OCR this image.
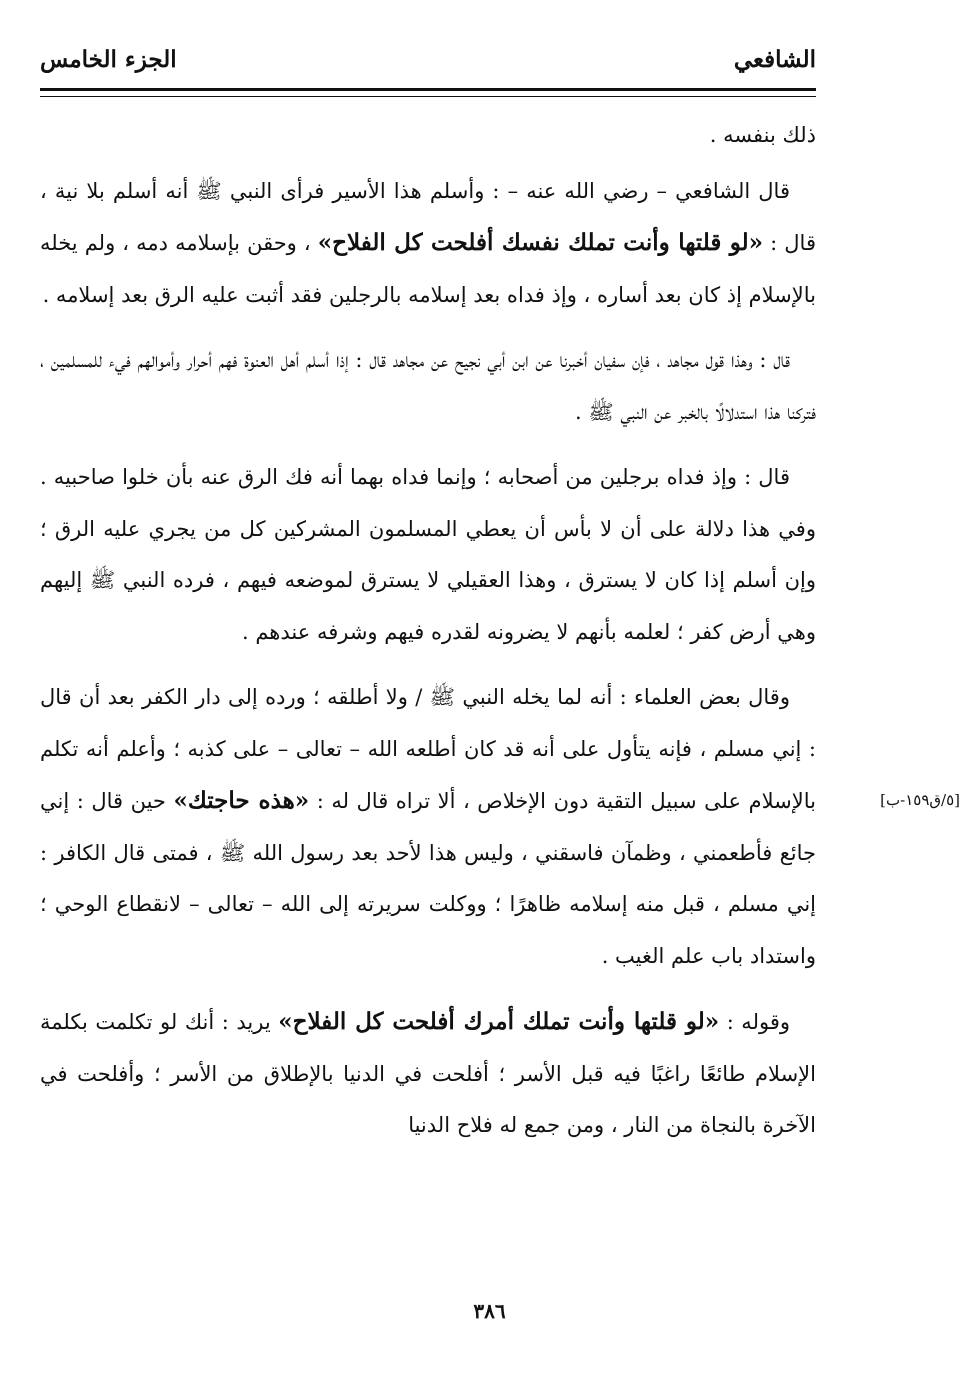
الشافعي
الجزء الخامس

ذلك بنفسه .

قال الشافعي – رضي الله عنه – : وأسلم هذا الأسير فرأى النبي ﷺ أنه أسلم بلا نية ، قال : «لو قلتها وأنت تملك نفسك أفلحت كل الفلاح» ، وحقن بإسلامه دمه ، ولم يخله بالإسلام إذ كان بعد أساره ، وإذ فداه بعد إسلامه بالرجلين فقد أثبت عليه الرق بعد إسلامه .

قال : وهذا قول مجاهد ، فإن سفيان أخبرنا عن ابن أبي نجيح عن مجاهد قال : إذا أسلم أهل العنوة فهم أحرار وأموالهم فيء للمسلمين ، فتركنا هذا استدلالًا بالخبر عن النبي ﷺ .

قال : وإذ فداه برجلين من أصحابه ؛ وإنما فداه بهما أنه فك الرق عنه بأن خلوا صاحبيه . وفي هذا دلالة على أن لا بأس أن يعطي المسلمون المشركين كل من يجري عليه الرق ؛ وإن أسلم إذا كان لا يسترق ، وهذا العقيلي لا يسترق لموضعه فيهم ، فرده النبي ﷺ إليهم وهي أرض كفر ؛ لعلمه بأنهم لا يضرونه لقدره فيهم وشرفه عندهم .

وقال بعض العلماء : أنه لما يخله النبي ﷺ / ولا أطلقه ؛ ورده إلى دار الكفر بعد أن قال : إني مسلم ، فإنه يتأول على أنه قد كان أطلعه الله – تعالى – على كذبه ؛ وأعلم أنه تكلم بالإسلام على سبيل التقية دون الإخلاص ، ألا تراه قال له : «هذه حاجتك» حين قال : إني جائع فأطعمني ، وظمآن فاسقني ، وليس هذا لأحد بعد رسول الله ﷺ ، فمتى قال الكافر : إني مسلم ، قبل منه إسلامه ظاهرًا ؛ ووكلت سريرته إلى الله – تعالى – لانقطاع الوحي ؛ واستداد باب علم الغيب .

وقوله : «لو قلتها وأنت تملك أمرك أفلحت كل الفلاح» يريد : أنك لو تكلمت بكلمة الإسلام طائعًا راغبًا فيه قبل الأسر ؛ أفلحت في الدنيا بالإطلاق من الأسر ؛ وأفلحت في الآخرة بالنجاة من النار ، ومن جمع له فلاح الدنيا

[٥/ق١٥٩-ب]
٣٨٦
